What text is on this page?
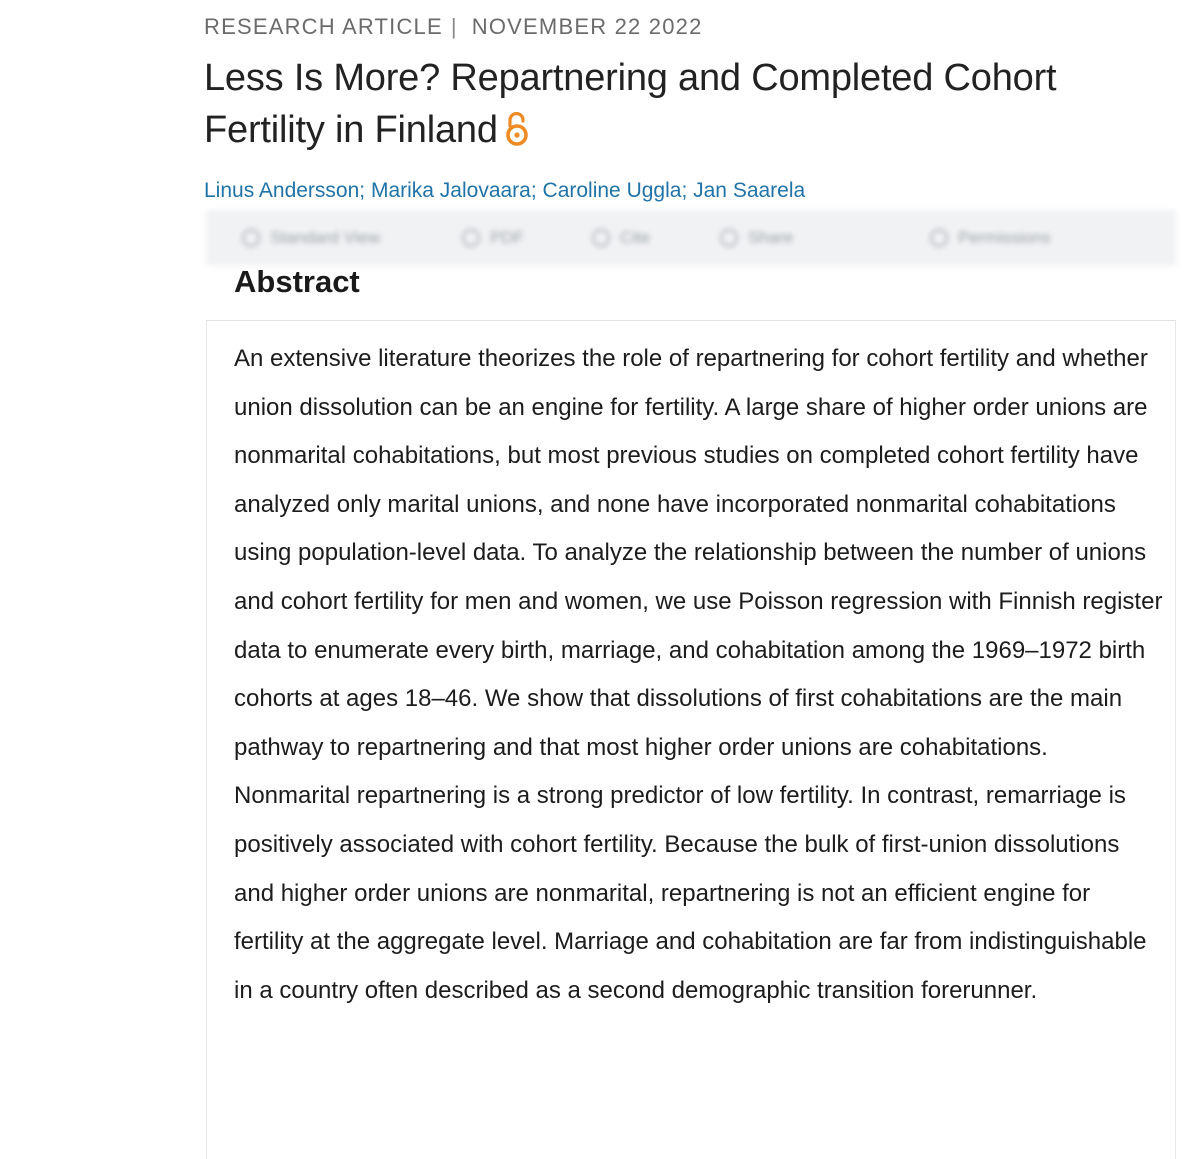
RESEARCH ARTICLE | NOVEMBER 22 2022
Less Is More? Repartnering and Completed Cohort Fertility in Finland
Linus Andersson; Marika Jalovaara; Caroline Uggla; Jan Saarela
Standard View	PDF	Cite	Share	Permissions
Abstract

An extensive literature theorizes the role of repartnering for cohort fertility and whether union dissolution can be an engine for fertility. A large share of higher order unions are nonmarital cohabitations, but most previous studies on completed cohort fertility have analyzed only marital unions, and none have incorporated nonmarital cohabitations using population-level data. To analyze the relationship between the number of unions and cohort fertility for men and women, we use Poisson regression with Finnish register data to enumerate every birth, marriage, and cohabitation among the 1969–1972 birth cohorts at ages 18–46. We show that dissolutions of first cohabitations are the main pathway to repartnering and that most higher order unions are cohabitations. Nonmarital repartnering is a strong predictor of low fertility. In contrast, remarriage is positively associated with cohort fertility. Because the bulk of first-union dissolutions and higher order unions are nonmarital, repartnering is not an efficient engine for fertility at the aggregate level. Marriage and cohabitation are far from indistinguishable in a country often described as a second demographic transition forerunner.
